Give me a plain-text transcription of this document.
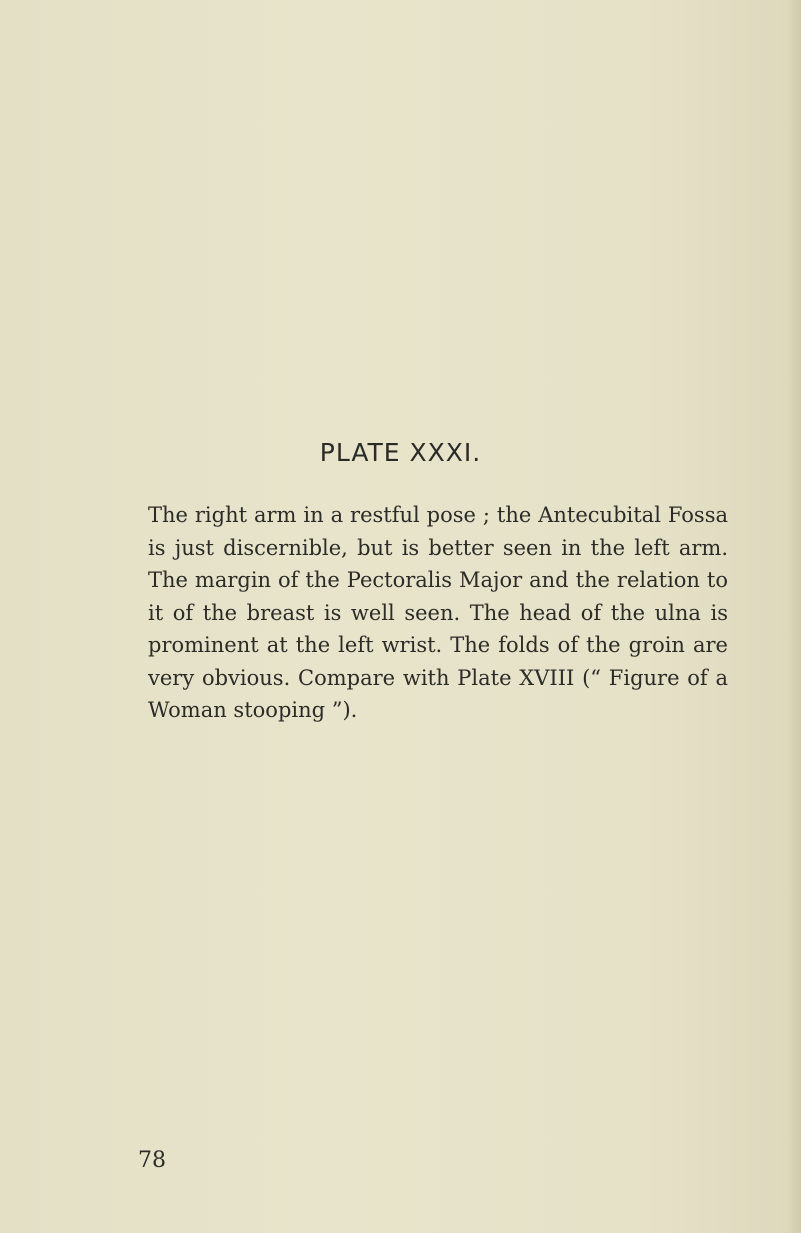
PLATE XXXI.

The right arm in a restful pose ; the Antecubital Fossa is just discernible, but is better seen in the left arm. The margin of the Pectoralis Major and the relation to it of the breast is well seen. The head of the ulna is prominent at the left wrist. The folds of the groin are very obvious. Compare with Plate XVIII (“ Figure of a Woman stooping ”).

78
